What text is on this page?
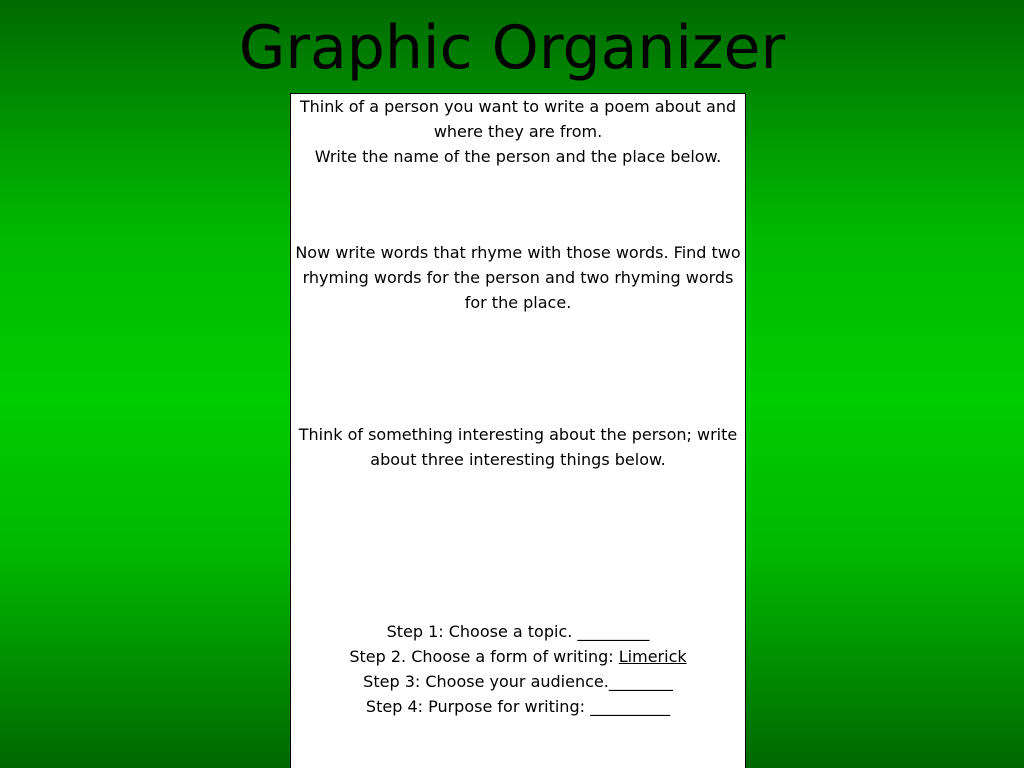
Graphic Organizer
Think of a person you want to write a poem about and
where they are from.
Write the name of the person and the place below.
Now write words that rhyme with those words. Find two
rhyming words for the person and two rhyming words
for the place.
Think of something interesting about the person; write
about three interesting things below.
Step 1: Choose a topic. _________
Step 2. Choose a form of writing: Limerick
Step 3: Choose your audience.________
Step 4: Purpose for writing: __________
